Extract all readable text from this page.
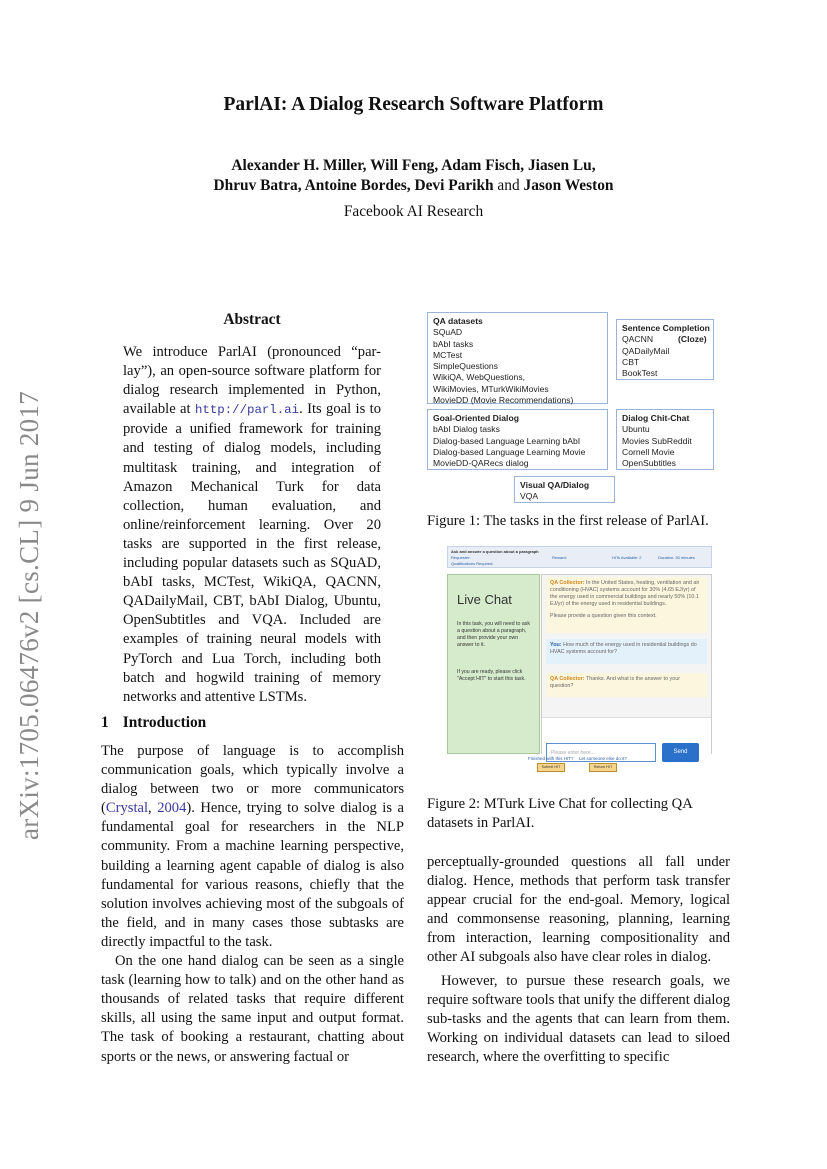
arXiv:1705.06476v2 [cs.CL] 9 Jun 2017
ParlAI: A Dialog Research Software Platform
Alexander H. Miller, Will Feng, Adam Fisch, Jiasen Lu,
Dhruv Batra, Antoine Bordes, Devi Parikh and Jason Weston
Facebook AI Research
Abstract
We introduce ParlAI (pronounced “par-lay”), an open-source software platform for dialog research implemented in Python, available at http://parl.ai. Its goal is to provide a unified framework for training and testing of dialog models, including multitask training, and integration of Amazon Mechanical Turk for data collection, human evaluation, and online/reinforcement learning. Over 20 tasks are supported in the first release, including popular datasets such as SQuAD, bAbI tasks, MCTest, WikiQA, QACNN, QADailyMail, CBT, bAbI Dialog, Ubuntu, OpenSubtitles and VQA. Included are examples of training neural models with PyTorch and Lua Torch, including both batch and hogwild training of memory networks and attentive LSTMs.
1 Introduction

The purpose of language is to accomplish communication goals, which typically involve a dialog between two or more communicators (Crystal, 2004). Hence, trying to solve dialog is a fundamental goal for researchers in the NLP community. From a machine learning perspective, building a learning agent capable of dialog is also fundamental for various reasons, chiefly that the solution involves achieving most of the subgoals of the field, and in many cases those subtasks are directly impactful to the task.

On the one hand dialog can be seen as a single task (learning how to talk) and on the other hand as thousands of related tasks that require different skills, all using the same input and output format. The task of booking a restaurant, chatting about sports or the news, or answering factual or

QA datasets
SQuAD
bAbI tasks
MCTest
SimpleQuestions
WikiQA, WebQuestions,
WikiMovies, MTurkWikiMovies
MovieDD (Movie Recommendations)
Sentence Completion
QACNN	(Cloze)
QADailyMail
CBT
BookTest
Goal-Oriented Dialog
bAbI Dialog tasks
Dialog-based Language Learning bAbI
Dialog-based Language Learning Movie
MovieDD-QARecs dialog
Dialog Chit-Chat
Ubuntu
Movies SubReddit
Cornell Movie
OpenSubtitles
Visual QA/Dialog
VQA
Figure 1: The tasks in the first release of ParlAI.
Ask and answer a question about a paragraph
Requester:	Reward:	HITs Available: 2	Duration: 30 minutes
Qualifications Required:
Live Chat
In this task, you will need to ask a question about a paragraph, and then provide your own answer to it.
If you are ready, please click "Accept HIT" to start this task.
QA Collector: In the United States, heating, ventilation and air conditioning (HVAC) systems account for 30% (4.65 EJ/yr) of the energy used in commercial buildings and nearly 50% (10.1 EJ/yr) of the energy used in residential buildings.
Please provide a question given this context.
You: How much of the energy used in residential buildings do HVAC systems account for?
QA Collector: Thanks. And what is the answer to your question?
Please enter here...	Send
Finished with this HIT? Let someone else do it?
Submit HIT	Return HIT
Figure 2: MTurk Live Chat for collecting QA datasets in ParlAI.

perceptually-grounded questions all fall under dialog. Hence, methods that perform task transfer appear crucial for the end-goal. Memory, logical and commonsense reasoning, planning, learning from interaction, learning compositionality and other AI subgoals also have clear roles in dialog.

However, to pursue these research goals, we require software tools that unify the different dialog sub-tasks and the agents that can learn from them. Working on individual datasets can lead to siloed research, where the overfitting to specific
